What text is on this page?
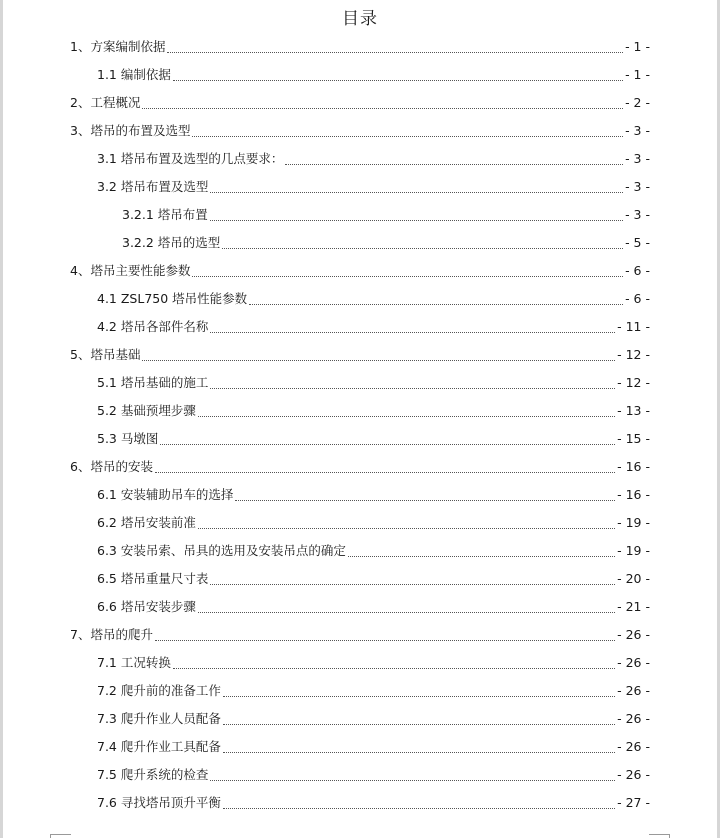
目录
1、方案编制依据	- 1 -
1.1 编制依据	- 1 -
2、工程概况	- 2 -
3、塔吊的布置及选型	- 3 -
3.1 塔吊布置及选型的几点要求：	- 3 -
3.2 塔吊布置及选型	- 3 -
3.2.1 塔吊布置	- 3 -
3.2.2 塔吊的选型	- 5 -
4、塔吊主要性能参数	- 6 -
4.1 ZSL750 塔吊性能参数	- 6 -
4.2 塔吊各部件名称	- 11 -
5、塔吊基础	- 12 -
5.1 塔吊基础的施工	- 12 -
5.2 基础预埋步骤	- 13 -
5.3 马墩图	- 15 -
6、塔吊的安装	- 16 -
6.1 安装辅助吊车的选择	- 16 -
6.2 塔吊安装前准	- 19 -
6.3 安装吊索、吊具的选用及安装吊点的确定	- 19 -
6.5 塔吊重量尺寸表	- 20 -
6.6 塔吊安装步骤	- 21 -
7、塔吊的爬升	- 26 -
7.1 工况转换	- 26 -
7.2 爬升前的准备工作	- 26 -
7.3 爬升作业人员配备	- 26 -
7.4 爬升作业工具配备	- 26 -
7.5 爬升系统的检查	- 26 -
7.6 寻找塔吊顶升平衡	- 27 -
